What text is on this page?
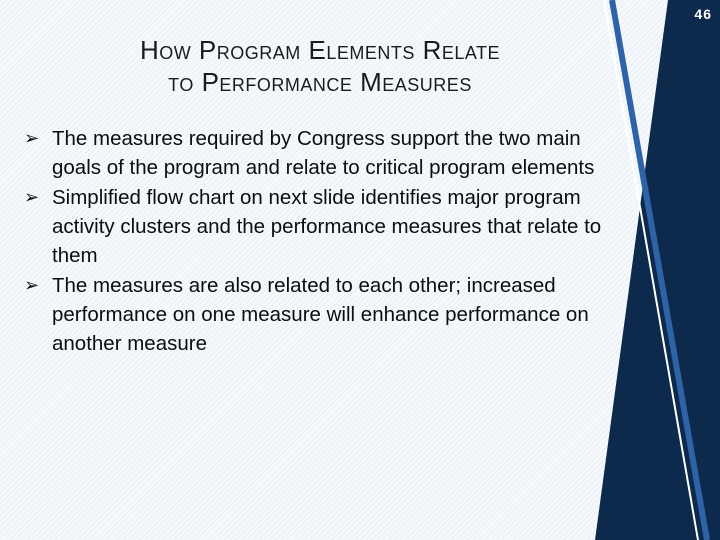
46
How Program Elements Relate
to Performance Measures
➢ The measures required by Congress support the two main goals of the program and relate to critical program elements
➢ Simplified flow chart on next slide identifies major program activity clusters and the performance measures that relate to them
➢ The measures are also related to each other; increased performance on one measure will enhance performance on another measure
